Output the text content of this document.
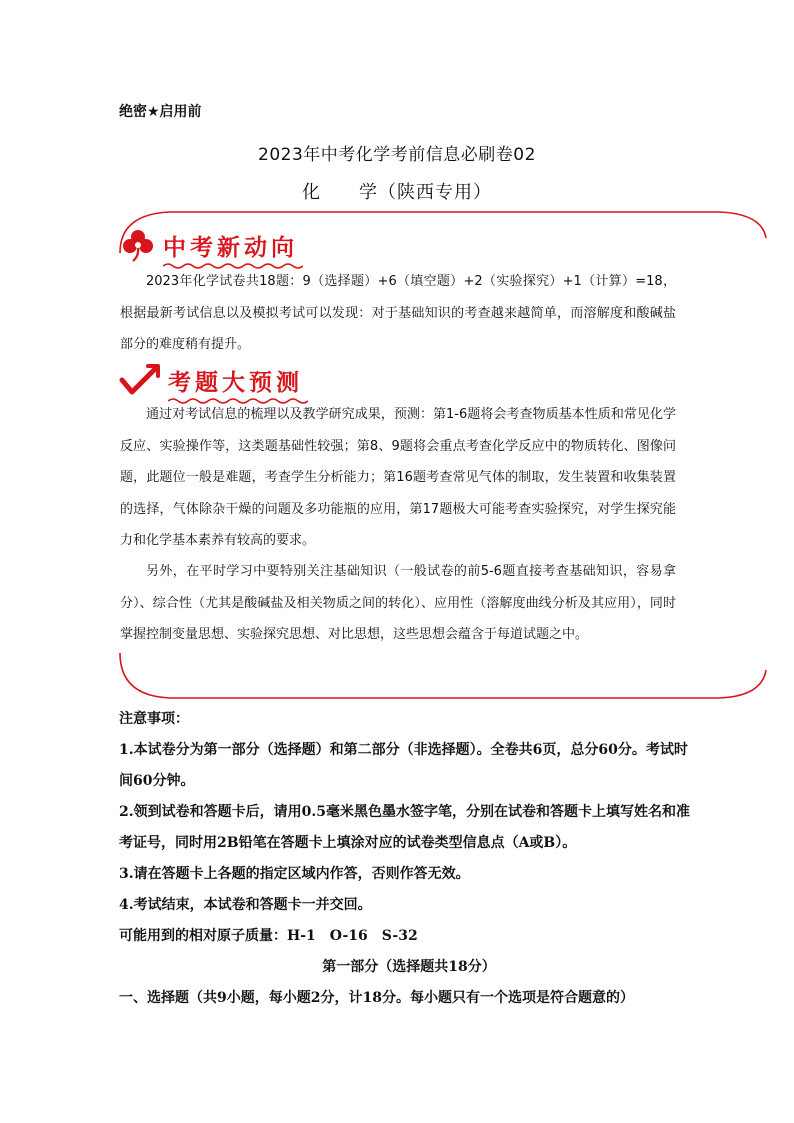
绝密★启用前
2023年中考化学考前信息必刷卷02
化　　学（陕西专用）
中考新动向
2023年化学试卷共18题：9（选择题）+6（填空题）+2（实验探究）+1（计算）=18，根据最新考试信息以及模拟考试可以发现：对于基础知识的考查越来越简单，而溶解度和酸碱盐部分的难度稍有提升。
考题大预测
通过对考试信息的梳理以及教学研究成果，预测：第1-6题将会考查物质基本性质和常见化学反应、实验操作等，这类题基础性较强；第8、9题将会重点考查化学反应中的物质转化、图像问题，此题位一般是难题，考查学生分析能力；第16题考查常见气体的制取，发生装置和收集装置的选择，气体除杂干燥的问题及多功能瓶的应用，第17题极大可能考查实验探究，对学生探究能力和化学基本素养有较高的要求。
另外，在平时学习中要特别关注基础知识（一般试卷的前5-6题直接考查基础知识，容易拿分）、综合性（尤其是酸碱盐及相关物质之间的转化）、应用性（溶解度曲线分析及其应用），同时掌握控制变量思想、实验探究思想、对比思想，这些思想会蕴含于每道试题之中。
注意事项：
1.本试卷分为第一部分（选择题）和第二部分（非选择题）。全卷共6页，总分60分。考试时间60分钟。
2.领到试卷和答题卡后，请用0.5毫米黑色墨水签字笔，分别在试卷和答题卡上填写姓名和准考证号，同时用2B铅笔在答题卡上填涂对应的试卷类型信息点（A或B）。
3.请在答题卡上各题的指定区域内作答，否则作答无效。
4.考试结束，本试卷和答题卡一并交回。
可能用到的相对原子质量：H-1　O-16　S-32
第一部分（选择题共18分）
一、选择题（共9小题，每小题2分，计18分。每小题只有一个选项是符合题意的）
